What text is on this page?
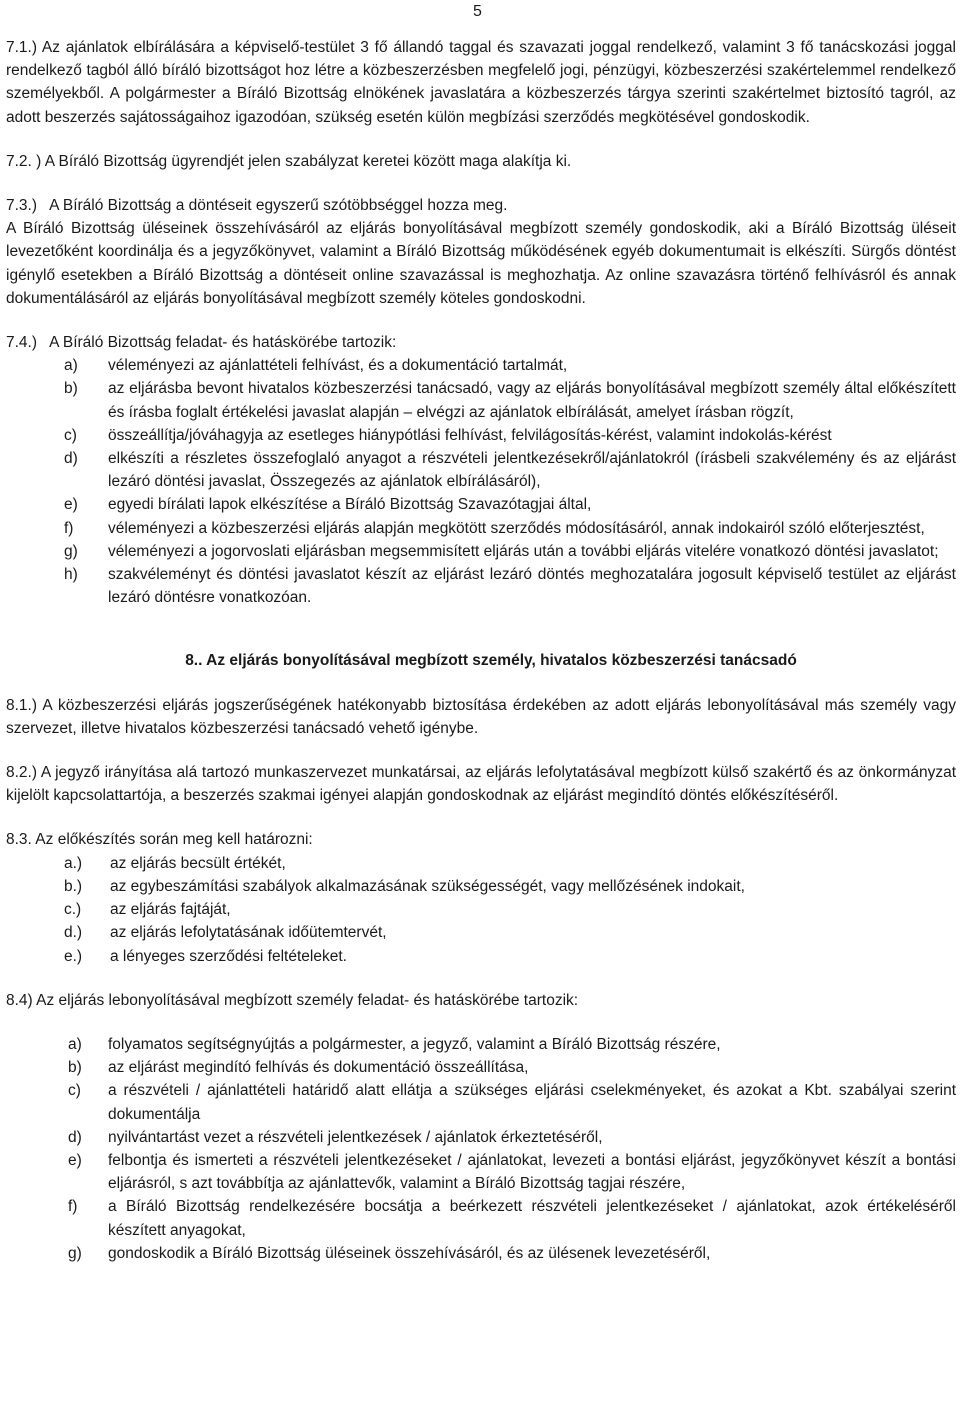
5

7.1.) Az ajánlatok elbírálására a képviselő-testület 3 fő állandó taggal és szavazati joggal rendelkező, valamint 3 fő tanácskozási joggal rendelkező tagból álló bíráló bizottságot hoz létre a közbeszerzésben megfelelő jogi, pénzügyi, közbeszerzési szakértelemmel rendelkező személyekből. A polgármester a Bíráló Bizottság elnökének javaslatára a közbeszerzés tárgya szerinti szakértelmet biztosító tagról, az adott beszerzés sajátosságaihoz igazodóan, szükség esetén külön megbízási szerződés megkötésével gondoskodik.

7.2. ) A Bíráló Bizottság ügyrendjét jelen szabályzat keretei között maga alakítja ki.

7.3.)   A Bíráló Bizottság a döntéseit egyszerű szótöbbséggel hozza meg.

A Bíráló Bizottság üléseinek összehívásáról az eljárás bonyolításával megbízott személy gondoskodik, aki a Bíráló Bizottság üléseit levezetőként koordinálja és a jegyzőkönyvet, valamint a Bíráló Bizottság működésének egyéb dokumentumait is elkészíti. Sürgős döntést igénylő esetekben a Bíráló Bizottság a döntéseit online szavazással is meghozhatja. Az online szavazásra történő felhívásról és annak dokumentálásáról az eljárás bonyolításával megbízott személy köteles gondoskodni.

7.4.)   A Bíráló Bizottság feladat- és hatáskörébe tartozik:

a)	véleményezi az ajánlattételi felhívást, és a dokumentáció tartalmát,
b)	az eljárásba bevont hivatalos közbeszerzési tanácsadó, vagy az eljárás bonyolításával megbízott személy által előkészített és írásba foglalt értékelési javaslat alapján – elvégzi az ajánlatok elbírálását, amelyet írásban rögzít,
c)	összeállítja/jóváhagyja az esetleges hiánypótlási felhívást, felvilágosítás-kérést, valamint indokolás-kérést
d)	elkészíti a részletes összefoglaló anyagot a részvételi jelentkezésekről/ajánlatokról (írásbeli szakvélemény és az eljárást lezáró döntési javaslat, Összegezés az ajánlatok elbírálásáról),
e)	egyedi bírálati lapok elkészítése a Bíráló Bizottság Szavazótagjai által,
f)	véleményezi a közbeszerzési eljárás alapján megkötött szerződés módosításáról, annak indokairól szóló előterjesztést,
g)	véleményezi a jogorvoslati eljárásban megsemmisített eljárás után a további eljárás vitelére vonatkozó döntési javaslatot;
h)	szakvéleményt és döntési javaslatot készít az eljárást lezáró döntés meghozatalára jogosult képviselő testület az eljárást lezáró döntésre vonatkozóan.

8.. Az eljárás bonyolításával megbízott személy, hivatalos közbeszerzési tanácsadó

8.1.) A közbeszerzési eljárás jogszerűségének hatékonyabb biztosítása érdekében az adott eljárás lebonyolításával más személy vagy szervezet, illetve hivatalos közbeszerzési tanácsadó vehető igénybe.

8.2.) A jegyző irányítása alá tartozó munkaszervezet munkatársai, az eljárás lefolytatásával megbízott külső szakértő és az önkormányzat kijelölt kapcsolattartója, a beszerzés szakmai igényei alapján gondoskodnak az eljárást megindító döntés előkészítéséről.

8.3. Az előkészítés során meg kell határozni:

a.)	az eljárás becsült értékét,
b.)	az egybeszámítási szabályok alkalmazásának szükségességét, vagy mellőzésének indokait,
c.)	az eljárás fajtáját,
d.)	az eljárás lefolytatásának időütemtervét,
e.)	a lényeges szerződési feltételeket.

8.4) Az eljárás lebonyolításával megbízott személy feladat- és hatáskörébe tartozik:

a)	folyamatos segítségnyújtás a polgármester, a jegyző, valamint a Bíráló Bizottság részére,
b)	az eljárást megindító felhívás és dokumentáció összeállítása,
c)	a részvételi / ajánlattételi határidő alatt ellátja a szükséges eljárási cselekményeket, és azokat a Kbt. szabályai szerint dokumentálja
d)	nyilvántartást vezet a részvételi jelentkezések / ajánlatok érkeztetéséről,
e)	felbontja és ismerteti a részvételi jelentkezéseket / ajánlatokat, levezeti a bontási eljárást, jegyzőkönyvet készít a bontási eljárásról, s azt továbbítja az ajánlattevők, valamint a Bíráló Bizottság tagjai részére,
f)	a Bíráló Bizottság rendelkezésére bocsátja a beérkezett részvételi jelentkezéseket / ajánlatokat, azok értékeléséről készített anyagokat,
g)	gondoskodik a Bíráló Bizottság üléseinek összehívásáról, és az ülésenek levezetéséről,
